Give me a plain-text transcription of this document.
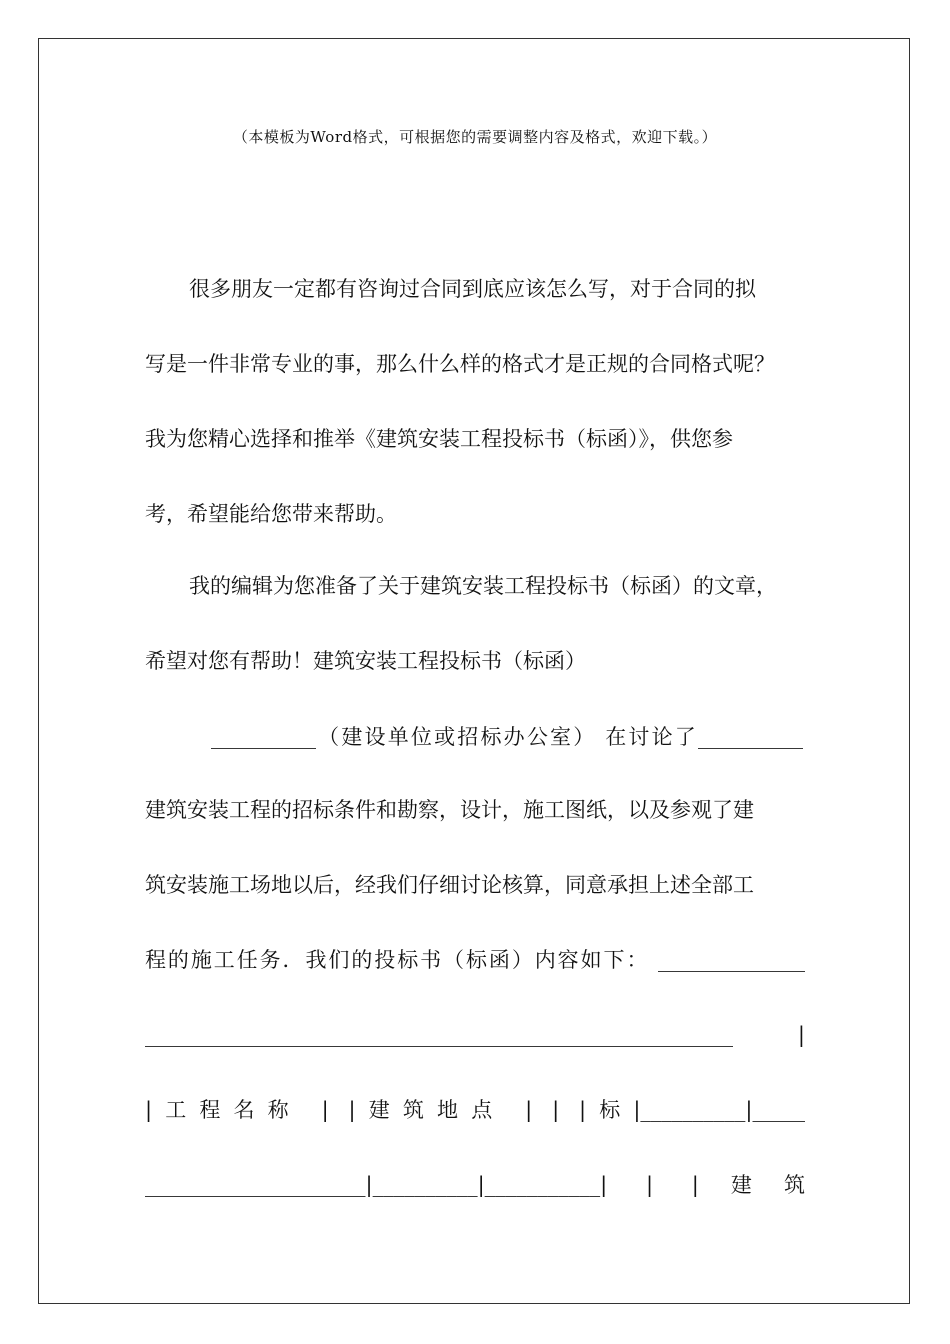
（本模板为Word格式，可根据您的需要调整内容及格式，欢迎下载。）
很多朋友一定都有咨询过合同到底应该怎么写，对于合同的拟
写是一件非常专业的事，那么什么样的格式才是正规的合同格式呢？
我为您精心选择和推举《建筑安装工程投标书（标函）》，供您参
考，希望能给您带来帮助。
我的编辑为您准备了关于建筑安装工程投标书（标函）的文章，
希望对您有帮助！建筑安装工程投标书（标函）
__________（建设单位或招标办公室） 在讨论了__________
建筑安装工程的招标条件和勘察，设计，施工图纸，以及参观了建
筑安装施工场地以后，经我们仔细讨论核算，同意承担上述全部工
程的施工任务．我们的投标书（标函）内容如下： ______________
________________________________________________________ |
|工程名称 | |建筑地点 | | |标|__________|_____
_____________________|__________|___________| | |建筑
